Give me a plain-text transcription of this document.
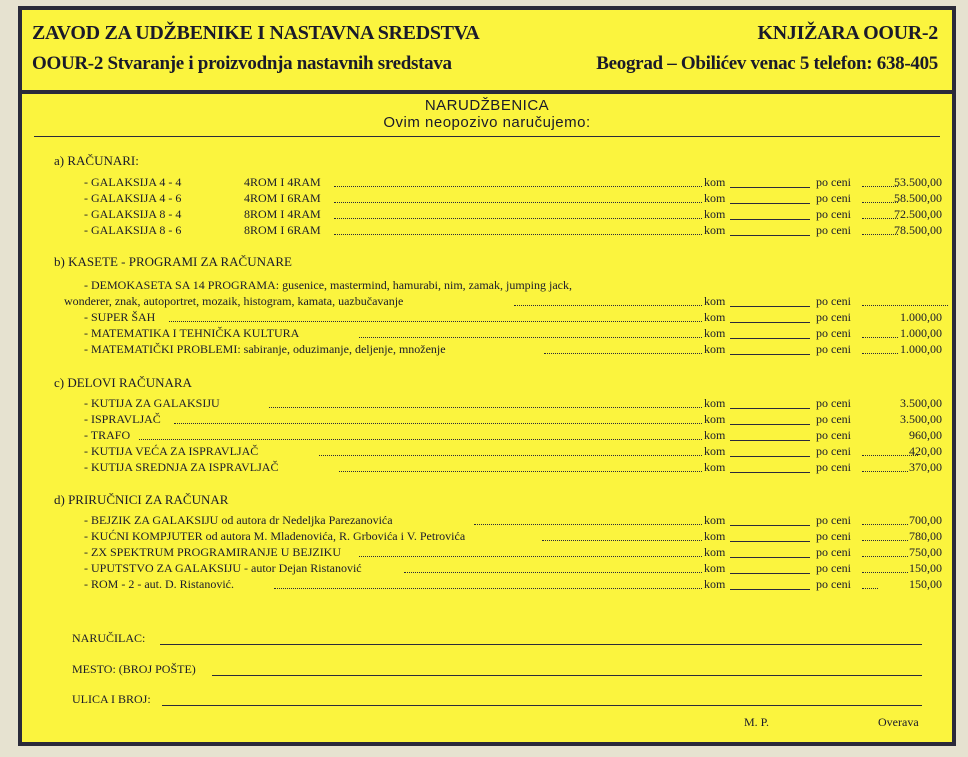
ZAVOD ZA UDŽBENIKE I NASTAVNA SREDSTVA
OOUR-2 Stvaranje i proizvodnja nastavnih sredstava
KNJIŽARA OOUR-2
Beograd – Obilićev venac 5 telefon: 638-405
NARUDŽBENICA
Ovim neopozivo naručujemo:
a) RAČUNARI:
- GALAKSIJA 4 - 4	4ROM I 4RAM	kom	po ceni	53.500,00
- GALAKSIJA 4 - 6	4ROM I 6RAM	kom	po ceni	58.500,00
- GALAKSIJA 8 - 4	8ROM I 4RAM	kom	po ceni	72.500,00
- GALAKSIJA 8 - 6	8ROM I 6RAM	kom	po ceni	78.500,00
b) KASETE - PROGRAMI ZA RAČUNARE
- DEMOKASETA SA 14 PROGRAMA: gusenice, mastermind, hamurabi, nim, zamak, jumping jack,
wonderer, znak, autoportret, mozaik, histogram, kamata, uazbučavanje	kom	po ceni
- SUPER ŠAH	kom	po ceni	1.000,00
- MATEMATIKA I TEHNIČKA KULTURA	kom	po ceni	1.000,00
- MATEMATIČKI PROBLEMI: sabiranje, oduzimanje, deljenje, množenje	kom	po ceni	1.000,00
c) DELOVI RAČUNARA
- KUTIJA ZA GALAKSIJU	kom	po ceni	3.500,00
- ISPRAVLJAČ	kom	po ceni	3.500,00
- TRAFO	kom	po ceni	960,00
- KUTIJA VEĆA ZA ISPRAVLJAČ	kom	po ceni	420,00
- KUTIJA SREDNJA ZA ISPRAVLJAČ	kom	po ceni	370,00
d) PRIRUČNICI ZA RAČUNAR
- BEJZIK ZA GALAKSIJU od autora dr Nedeljka Parezanovića	kom	po ceni	700,00
- KUĆNI KOMPJUTER od autora M. Mladenovića, R. Grbovića i V. Petrovića	kom	po ceni	780,00
- ZX SPEKTRUM PROGRAMIRANJE U BEJZIKU	kom	po ceni	750,00
- UPUTSTVO ZA GALAKSIJU - autor Dejan Ristanović	kom	po ceni	150,00
- ROM - 2 - aut. D. Ristanović.	kom	po ceni	150,00
NARUČILAC:
MESTO: (BROJ POŠTE)
ULICA I BROJ:
M. P.	Overava
